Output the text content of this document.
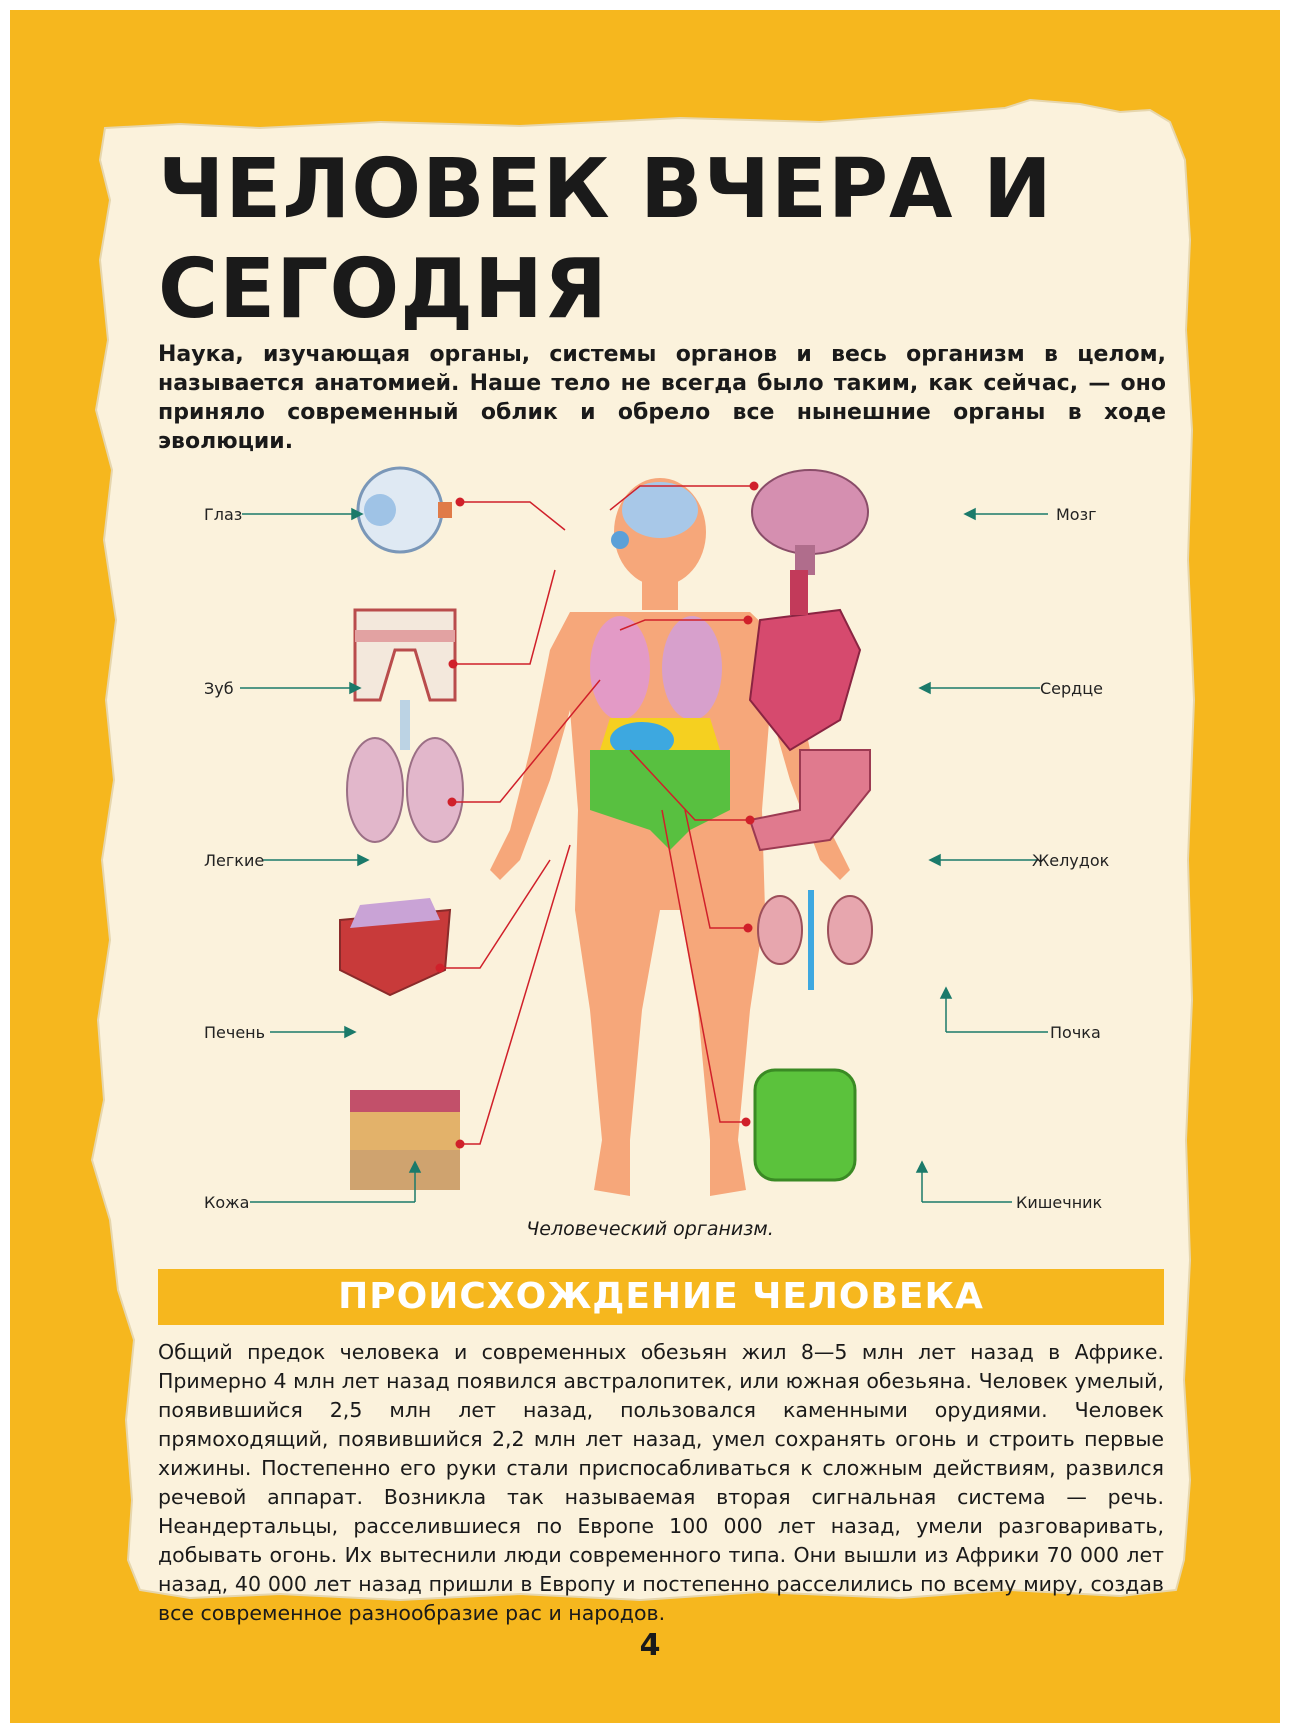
ЧЕЛОВЕК ВЧЕРА И СЕГОДНЯ

Наука, изучающая органы, системы органов и весь организм в целом, называется анатомией. Наше тело не всегда было таким, как сейчас, — оно приняло современный облик и обрело все нынешние органы в ходе эволюции.

Глаз
Зуб
Легкие
Печень
Кожа
Мозг
Сердце
Желудок
Почка
Кишечник
Человеческий организм.
ПРОИСХОЖДЕНИЕ ЧЕЛОВЕКА

Общий предок человека и современных обезьян жил 8—5 млн лет назад в Африке. Примерно 4 млн лет назад появился австралопитек, или южная обезьяна. Человек умелый, появившийся 2,5 млн лет назад, пользовался каменными орудиями. Человек прямоходящий, появившийся 2,2 млн лет назад, умел сохранять огонь и строить первые хижины. Постепенно его руки стали приспосабливаться к сложным действиям, развился речевой аппарат. Возникла так называемая вторая сигнальная система — речь. Неандертальцы, расселившиеся по Европе 100 000 лет назад, умели разговаривать, добывать огонь. Их вытеснили люди современного типа. Они вышли из Африки 70 000 лет назад, 40 000 лет назад пришли в Европу и постепенно расселились по всему миру, создав все современное разнообразие рас и народов.

4
